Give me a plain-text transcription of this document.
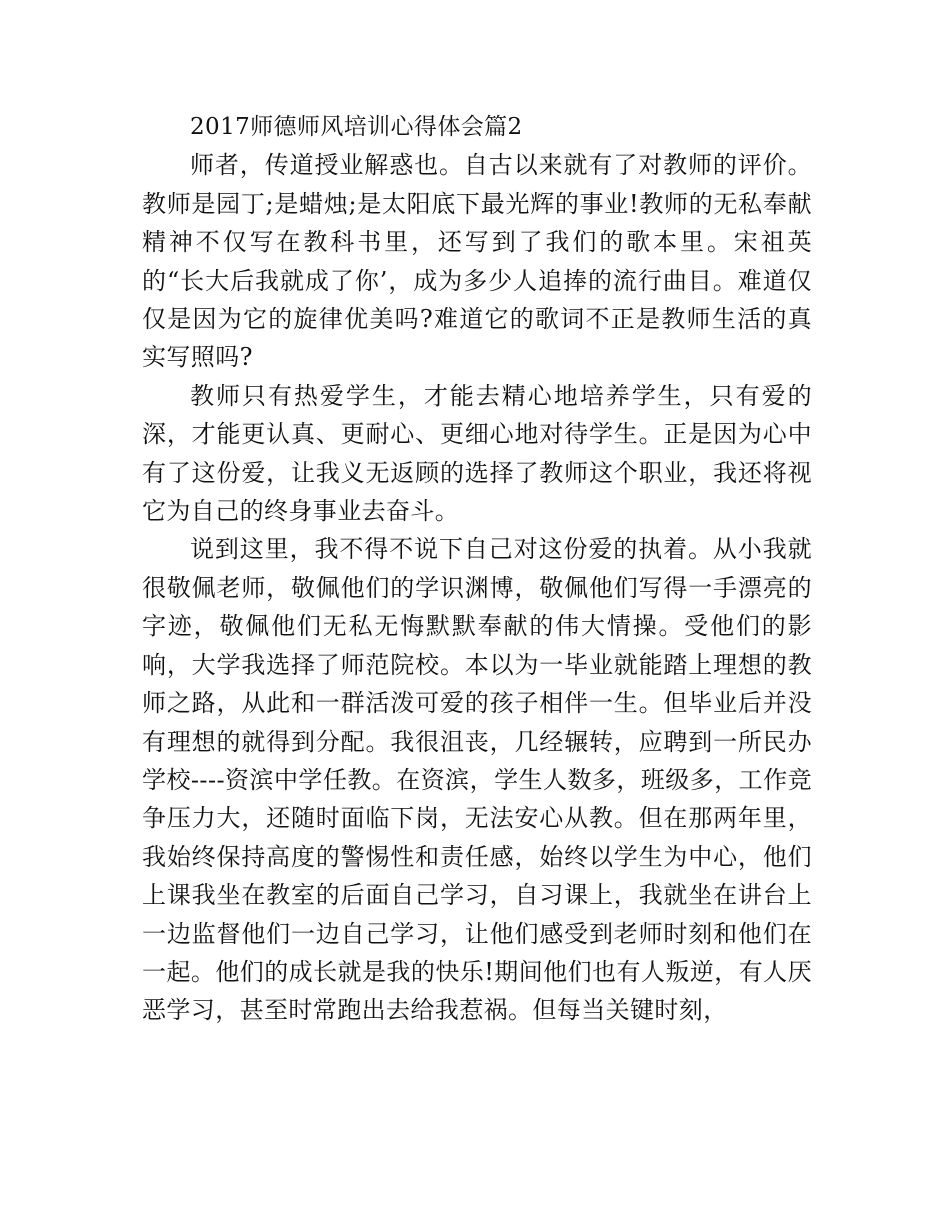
2017师德师风培训心得体会篇2

师者，传道授业解惑也。自古以来就有了对教师的评价。教师是园丁;是蜡烛;是太阳底下最光辉的事业!教师的无私奉献精神不仅写在教科书里，还写到了我们的歌本里。宋祖英的“长大后我就成了你’，成为多少人追捧的流行曲目。难道仅仅是因为它的旋律优美吗?难道它的歌词不正是教师生活的真实写照吗?

教师只有热爱学生，才能去精心地培养学生，只有爱的深，才能更认真、更耐心、更细心地对待学生。正是因为心中有了这份爱，让我义无返顾的选择了教师这个职业，我还将视它为自己的终身事业去奋斗。

说到这里，我不得不说下自己对这份爱的执着。从小我就很敬佩老师，敬佩他们的学识渊博，敬佩他们写得一手漂亮的字迹，敬佩他们无私无悔默默奉献的伟大情操。受他们的影响，大学我选择了师范院校。本以为一毕业就能踏上理想的教师之路，从此和一群活泼可爱的孩子相伴一生。但毕业后并没有理想的就得到分配。我很沮丧，几经辗转，应聘到一所民办学校----资滨中学任教。在资滨，学生人数多，班级多，工作竞争压力大，还随时面临下岗，无法安心从教。但在那两年里，我始终保持高度的警惕性和责任感，始终以学生为中心，他们上课我坐在教室的后面自己学习，自习课上，我就坐在讲台上一边监督他们一边自己学习，让他们感受到老师时刻和他们在一起。他们的成长就是我的快乐!期间他们也有人叛逆，有人厌恶学习，甚至时常跑出去给我惹祸。但每当关键时刻，
